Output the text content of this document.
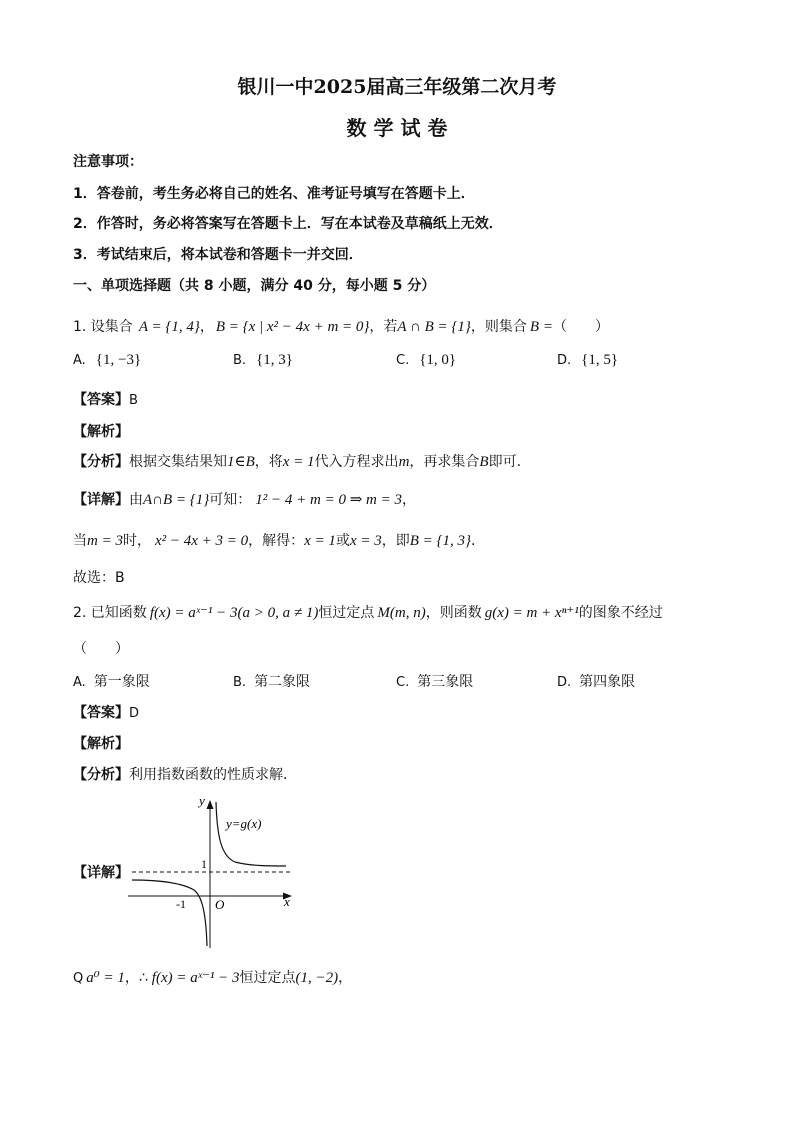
银川一中2025届高三年级第二次月考
数 学 试 卷
注意事项：
1．答卷前，考生务必将自己的姓名、准考证号填写在答题卡上．
2．作答时，务必将答案写在答题卡上．写在本试卷及草稿纸上无效．
3．考试结束后，将本试卷和答题卡一并交回．
一、单项选择题（共 8 小题，满分 40 分，每小题 5 分）
1. 设集合 A = {1, 4} ， B = {x | x² − 4x + m = 0} ，若 A ∩ B = {1} ，则集合 B = （　　）
A. {1, −3}	B. {1, 3}	C. {1, 0}	D. {1, 5}
【答案】 B
【解析】
【分析】 根据交集结果知 1∈B ，将 x = 1 代入方程求出 m ，再求集合 B 即可.
【详解】 由 A∩B = {1} 可知： 1² − 4 + m = 0 ⇒ m = 3 ，
当 m = 3 时， x² − 4x + 3 = 0 ，解得： x = 1 或 x = 3 ，即 B = {1, 3} .
故选：B
2. 已知函数 f(x) = aˣ⁻¹ − 3(a > 0, a ≠ 1) 恒过定点 M(m, n) ，则函数 g(x) = m + xⁿ⁺¹ 的图象不经过
（　　）
A. 第一象限	B. 第二象限	C. 第三象限	D. 第四象限
【答案】 D
【解析】
【分析】 利用指数函数的性质求解．
【详解】
y
x
y=g(x)
1
-1 O
Q a⁰ = 1 ，∴ f(x) = aˣ⁻¹ − 3 恒过定点 (1, −2) ，
